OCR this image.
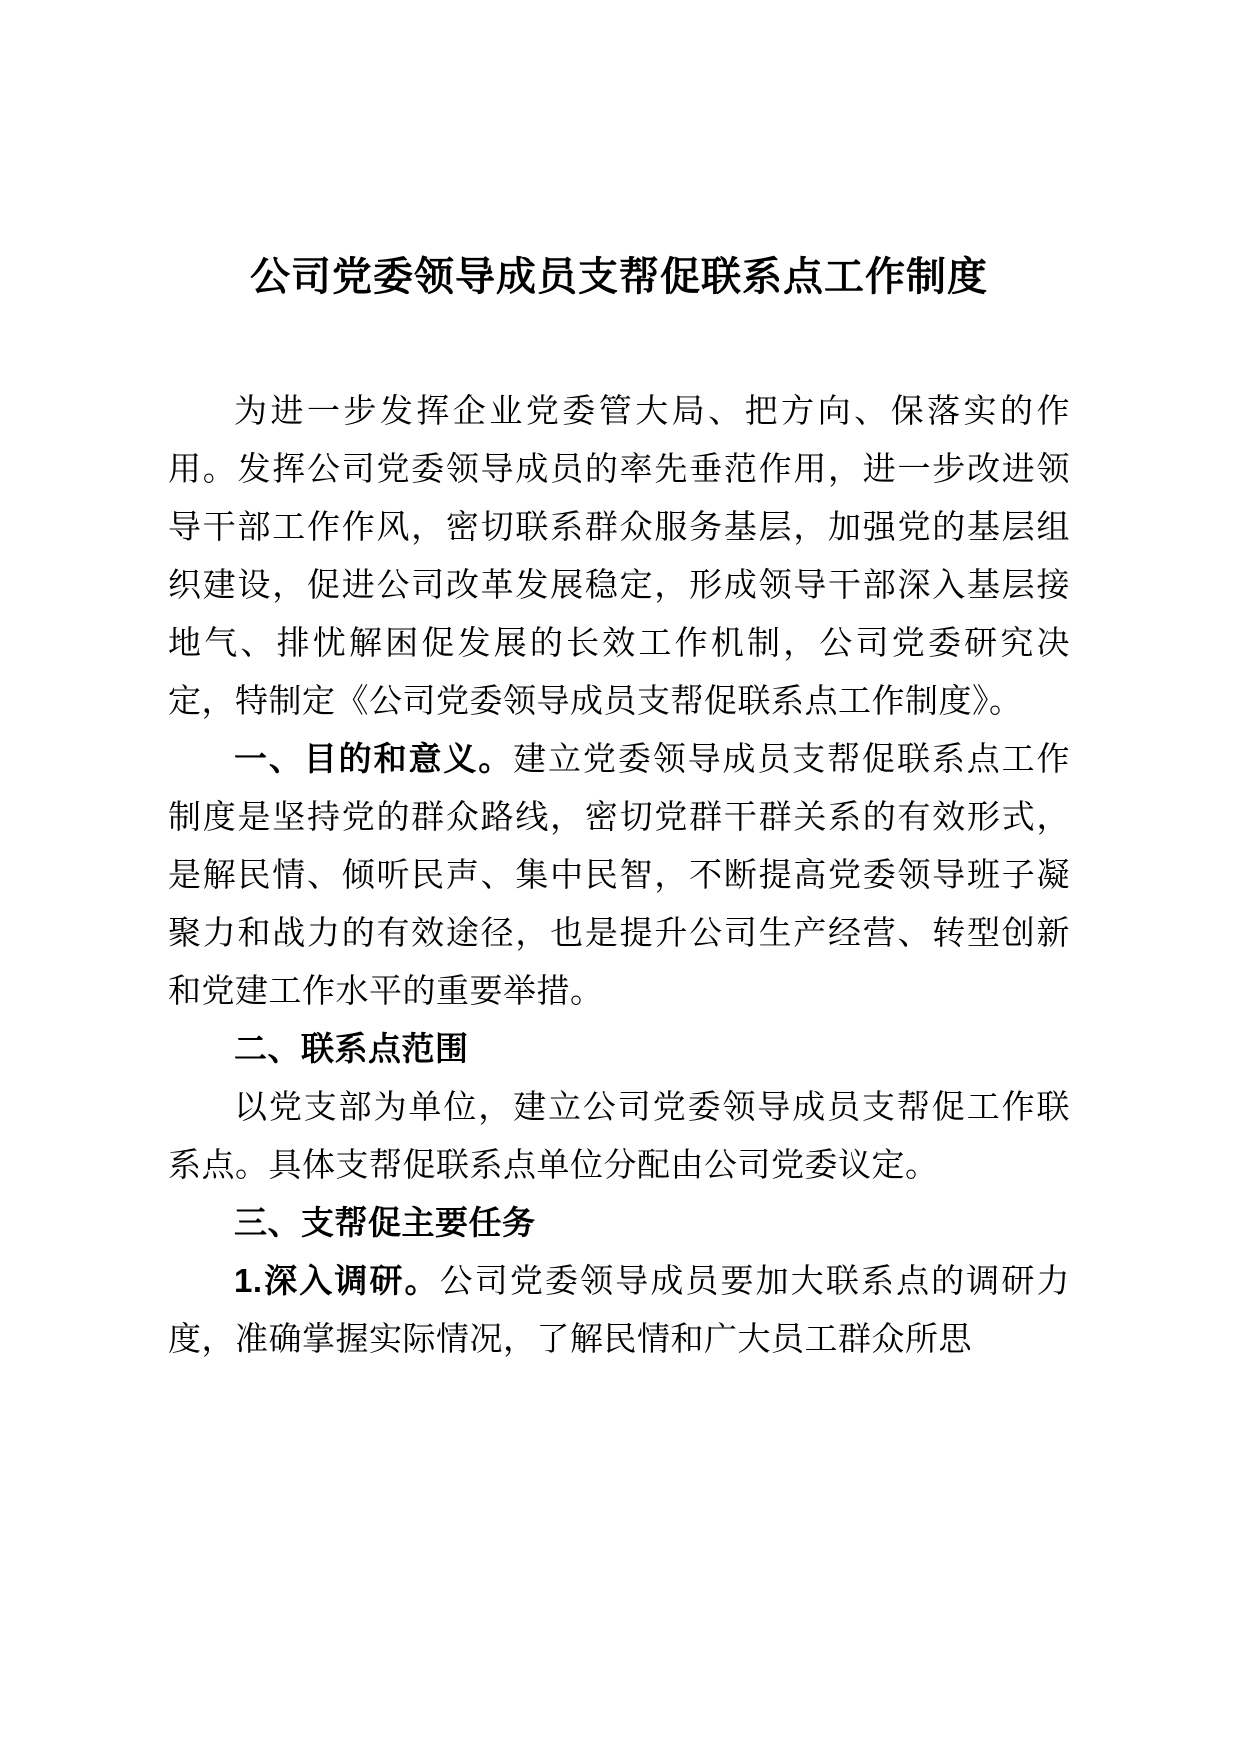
公司党委领导成员支帮促联系点工作制度

为进一步发挥企业党委管大局、把方向、保落实的作用。发挥公司党委领导成员的率先垂范作用，进一步改进领导干部工作作风，密切联系群众服务基层，加强党的基层组织建设，促进公司改革发展稳定，形成领导干部深入基层接地气、排忧解困促发展的长效工作机制，公司党委研究决定，特制定《公司党委领导成员支帮促联系点工作制度》。

一、目的和意义。建立党委领导成员支帮促联系点工作制度是坚持党的群众路线，密切党群干群关系的有效形式，是解民情、倾听民声、集中民智，不断提高党委领导班子凝聚力和战力的有效途径，也是提升公司生产经营、转型创新和党建工作水平的重要举措。

二、联系点范围

以党支部为单位，建立公司党委领导成员支帮促工作联系点。具体支帮促联系点单位分配由公司党委议定。

三、支帮促主要任务

1.深入调研。公司党委领导成员要加大联系点的调研力度，准确掌握实际情况，了解民情和广大员工群众所思
